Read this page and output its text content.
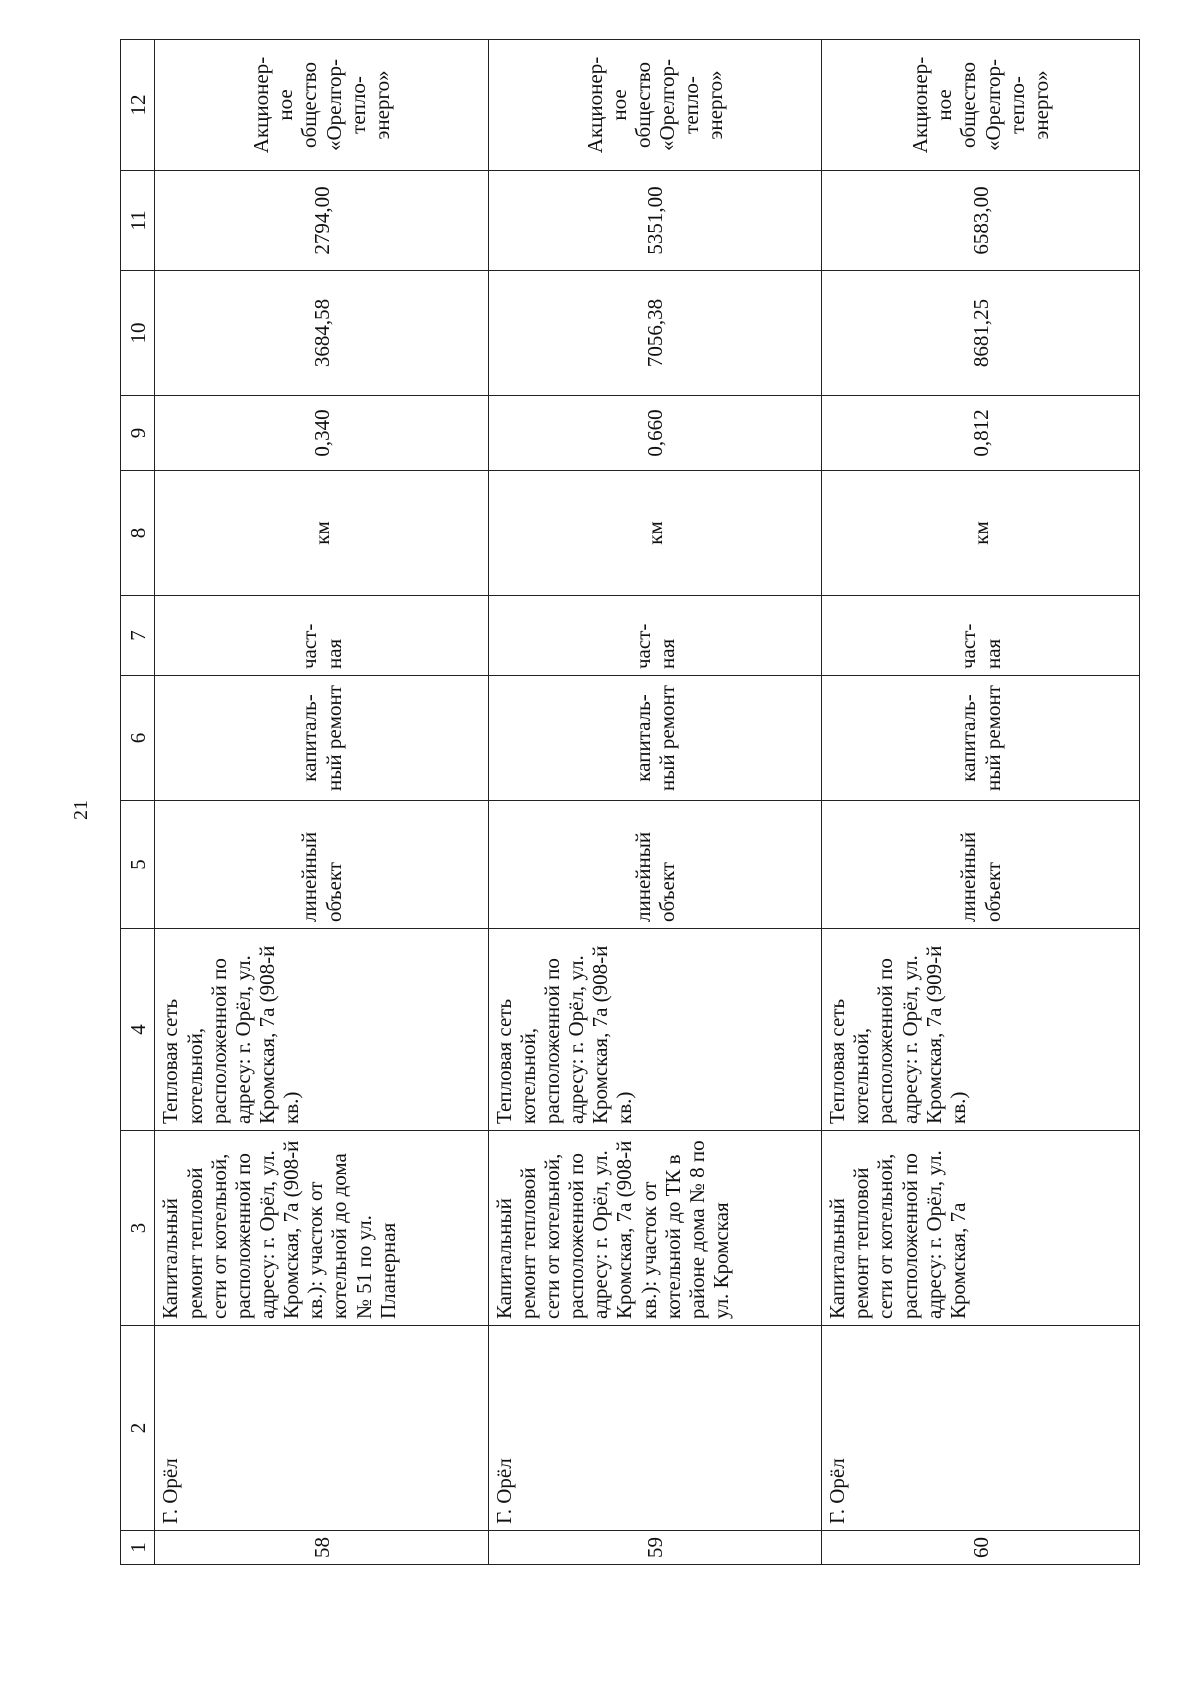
21
1	2	3	4	5	6	7	8	9	10	11	12
58	Г. Орёл	Капитальный ремонт тепловой сети от котельной, расположенной по адресу: г. Орёл, ул. Кромская, 7а (908-й кв.): участок от котельной до дома № 51 по ул. Планерная	Тепловая сеть котельной, расположенной по адресу: г. Орёл, ул. Кромская, 7а (908-й кв.)	линейный объект	капиталь-ный ремонт	част-ная	км	0,340	3684,58	2794,00	Акционер-ное общество «Орелгор-тепло-энерго»
59	Г. Орёл	Капитальный ремонт тепловой сети от котельной, расположенной по адресу: г. Орёл, ул. Кромская, 7а (908-й кв.): участок от котельной до ТК в районе дома № 8 по ул. Кромская	Тепловая сеть котельной, расположенной по адресу: г. Орёл, ул. Кромская, 7а (908-й кв.)	линейный объект	капиталь-ный ремонт	част-ная	км	0,660	7056,38	5351,00	Акционер-ное общество «Орелгор-тепло-энерго»
60	Г. Орёл	Капитальный ремонт тепловой сети от котельной, расположенной по адресу: г. Орёл, ул. Кромская, 7а	Тепловая сеть котельной, расположенной по адресу: г. Орёл, ул. Кромская, 7а (909-й кв.)	линейный объект	капиталь-ный ремонт	част-ная	км	0,812	8681,25	6583,00	Акционер-ное общество «Орелгор-тепло-энерго»
